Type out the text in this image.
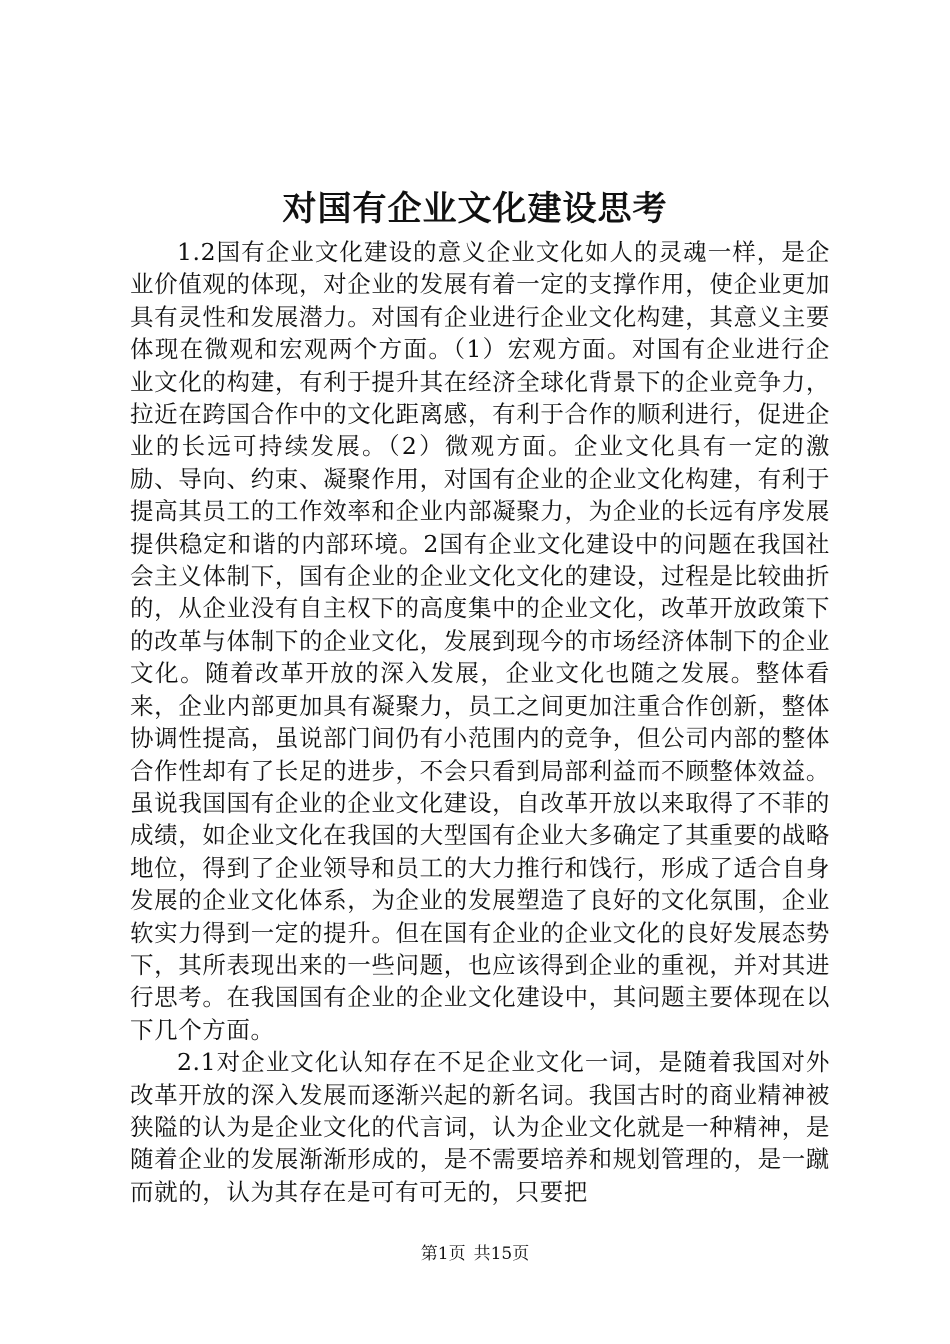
对国有企业文化建设思考

1.2国有企业文化建设的意义企业文化如人的灵魂一样，是企业价值观的体现，对企业的发展有着一定的支撑作用，使企业更加具有灵性和发展潜力。对国有企业进行企业文化构建，其意义主要体现在微观和宏观两个方面。（1）宏观方面。对国有企业进行企业文化的构建，有利于提升其在经济全球化背景下的企业竞争力，拉近在跨国合作中的文化距离感，有利于合作的顺利进行，促进企业的长远可持续发展。（2）微观方面。企业文化具有一定的激励、导向、约束、凝聚作用，对国有企业的企业文化构建，有利于提高其员工的工作效率和企业内部凝聚力，为企业的长远有序发展提供稳定和谐的内部环境。2国有企业文化建设中的问题在我国社会主义体制下，国有企业的企业文化文化的建设，过程是比较曲折的，从企业没有自主权下的高度集中的企业文化，改革开放政策下的改革与体制下的企业文化，发展到现今的市场经济体制下的企业文化。随着改革开放的深入发展，企业文化也随之发展。整体看来，企业内部更加具有凝聚力，员工之间更加注重合作创新，整体协调性提高，虽说部门间仍有小范围内的竞争，但公司内部的整体合作性却有了长足的进步，不会只看到局部利益而不顾整体效益。虽说我国国有企业的企业文化建设，自改革开放以来取得了不菲的成绩，如企业文化在我国的大型国有企业大多确定了其重要的战略地位，得到了企业领导和员工的大力推行和饯行，形成了适合自身发展的企业文化体系，为企业的发展塑造了良好的文化氛围，企业软实力得到一定的提升。但在国有企业的企业文化的良好发展态势下，其所表现出来的一些问题，也应该得到企业的重视，并对其进行思考。在我国国有企业的企业文化建设中，其问题主要体现在以下几个方面。

2.1对企业文化认知存在不足企业文化一词，是随着我国对外改革开放的深入发展而逐渐兴起的新名词。我国古时的商业精神被狭隘的认为是企业文化的代言词，认为企业文化就是一种精神，是随着企业的发展渐渐形成的，是不需要培养和规划管理的，是一蹴而就的，认为其存在是可有可无的，只要把

第1页 共15页
